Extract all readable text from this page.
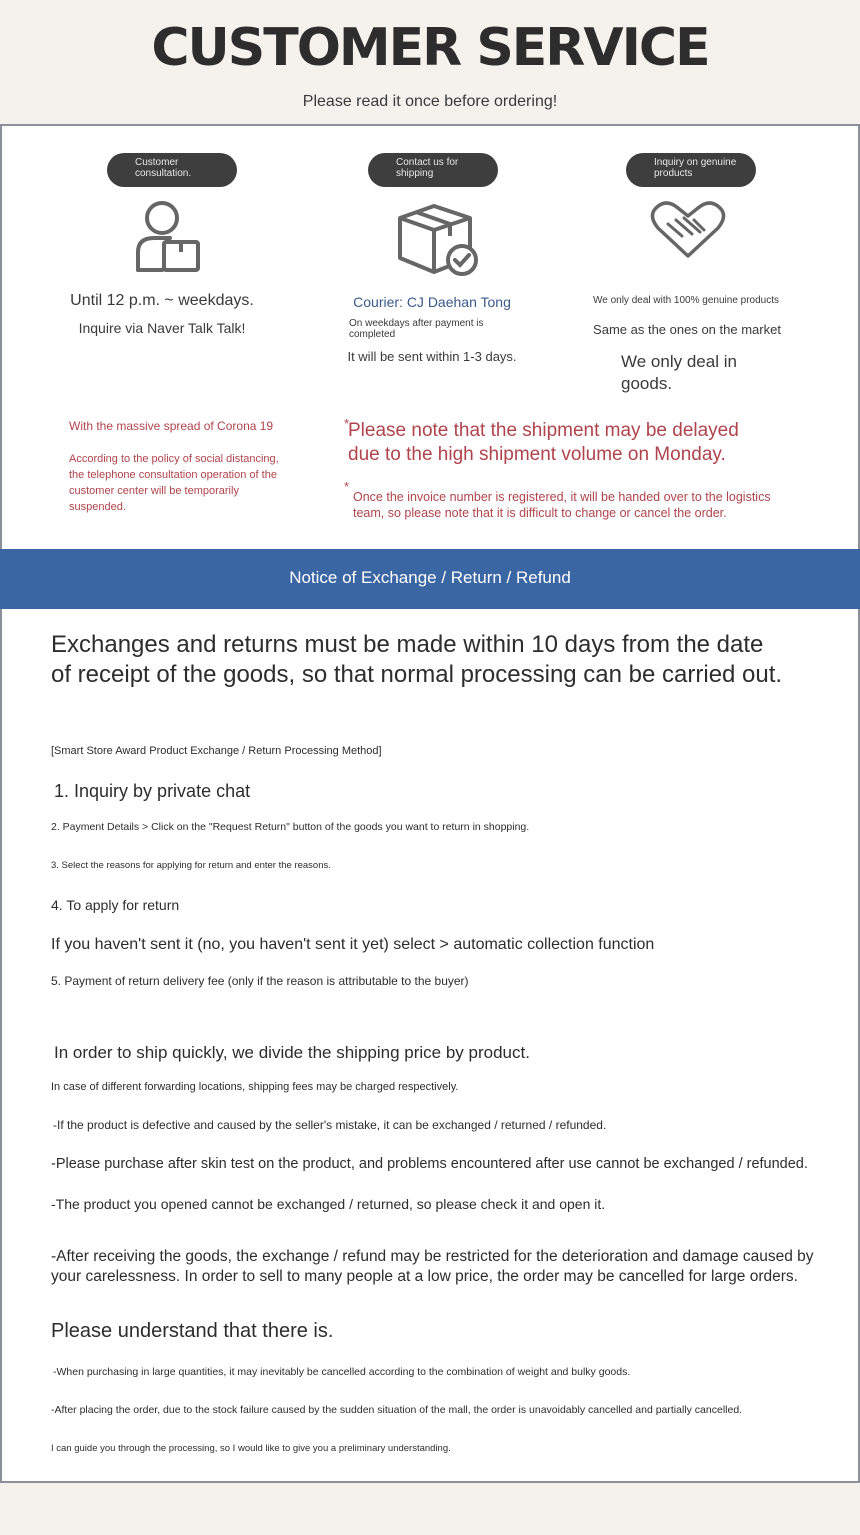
CUSTOMER SERVICE
Please read it once before ordering!
Customer consultation.
Contact us for shipping
Inquiry on genuine products
Until 12 p.m. ~ weekdays.
Inquire via Naver Talk Talk!
Courier: CJ Daehan Tong
On weekdays after payment is completed
It will be sent within 1-3 days.
We only deal with 100% genuine products
Same as the ones on the market
We only deal in goods.
With the massive spread of Corona 19
According to the policy of social distancing, the telephone consultation operation of the customer center will be temporarily suspended.
*
Please note that the shipment may be delayed due to the high shipment volume on Monday.
*
Once the invoice number is registered, it will be handed over to the logistics team, so please note that it is difficult to change or cancel the order.
Notice of Exchange / Return / Refund
Exchanges and returns must be made within 10 days from the date
of receipt of the goods, so that normal processing can be carried out.
[Smart Store Award Product Exchange / Return Processing Method]
1. Inquiry by private chat
2. Payment Details > Click on the "Request Return" button of the goods you want to return in shopping.
3. Select the reasons for applying for return and enter the reasons.
4. To apply for return
If you haven't sent it (no, you haven't sent it yet) select > automatic collection function
5. Payment of return delivery fee (only if the reason is attributable to the buyer)
In order to ship quickly, we divide the shipping price by product.
In case of different forwarding locations, shipping fees may be charged respectively.
-If the product is defective and caused by the seller's mistake, it can be exchanged / returned / refunded.
-Please purchase after skin test on the product, and problems encountered after use cannot be exchanged / refunded.
-The product you opened cannot be exchanged / returned, so please check it and open it.
-After receiving the goods, the exchange / refund may be restricted for the deterioration and damage caused by
your carelessness. In order to sell to many people at a low price, the order may be cancelled for large orders.
Please understand that there is.
-When purchasing in large quantities, it may inevitably be cancelled according to the combination of weight and bulky goods.
-After placing the order, due to the stock failure caused by the sudden situation of the mall, the order is unavoidably cancelled and partially cancelled.
I can guide you through the processing, so I would like to give you a preliminary understanding.
